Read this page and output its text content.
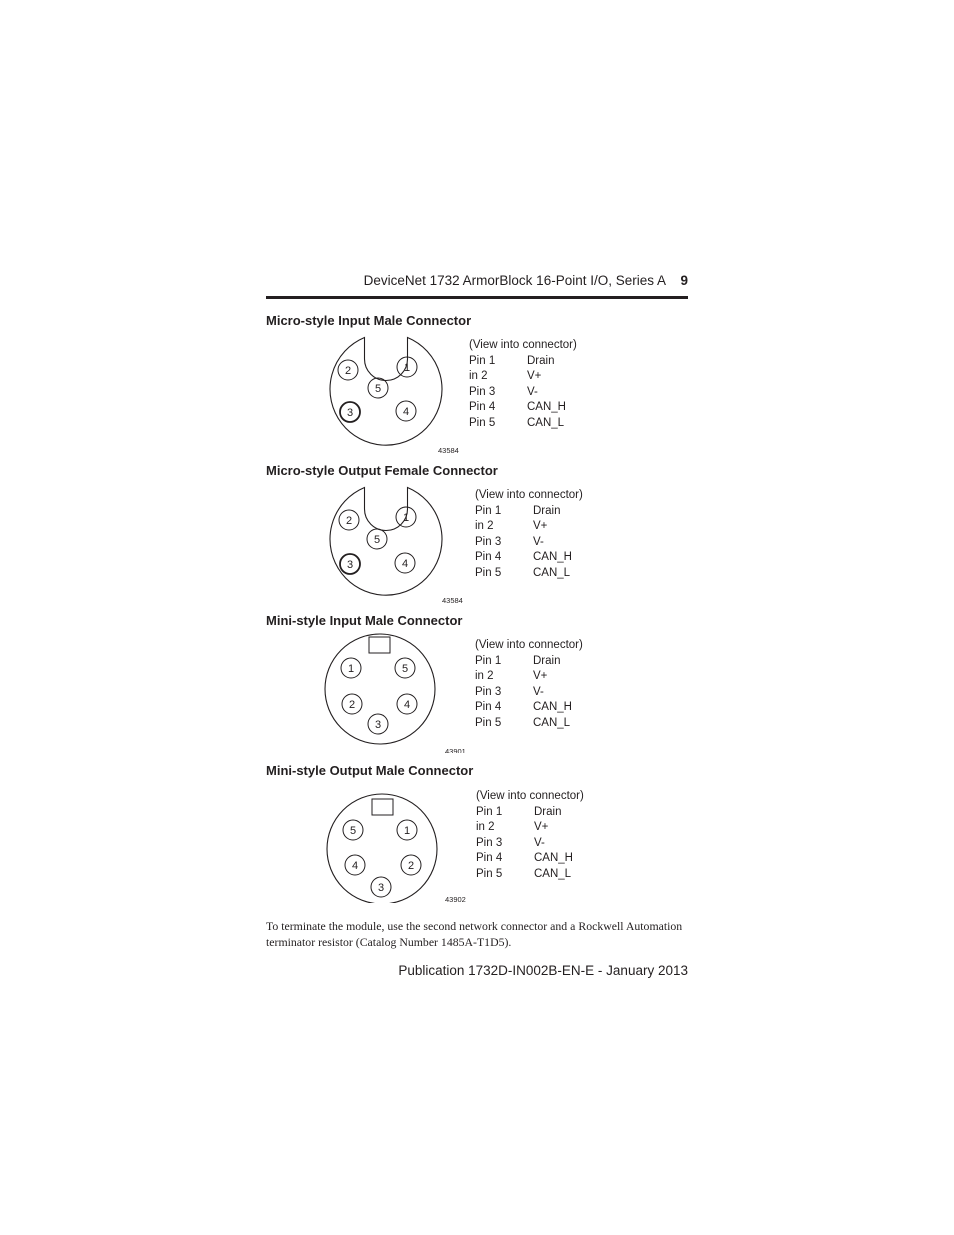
DeviceNet 1732 ArmorBlock 16-Point I/O, Series A	9
Micro-style Input Male Connector
2	1
5
3	4
43584
(View into connector)
Pin 1	Drain
in 2	V+
Pin 3	V-
Pin 4	CAN_H
Pin 5	CAN_L
Micro-style Output Female Connector
2	1
5
3	4
43584
(View into connector)
Pin 1	Drain
in 2	V+
Pin 3	V-
Pin 4	CAN_H
Pin 5	CAN_L
Mini-style Input Male Connector
1	5
2	4
3
43901
(View into connector)
Pin 1	Drain
in 2	V+
Pin 3	V-
Pin 4	CAN_H
Pin 5	CAN_L
Mini-style Output Male Connector
5	1
4	2
3
43902
(View into connector)
Pin 1	Drain
in 2	V+
Pin 3	V-
Pin 4	CAN_H
Pin 5	CAN_L

To terminate the module, use the second network connector and a Rockwell Automation terminator resistor (Catalog Number 1485A-T1D5).

Publication 1732D-IN002B-EN-E - January 2013
